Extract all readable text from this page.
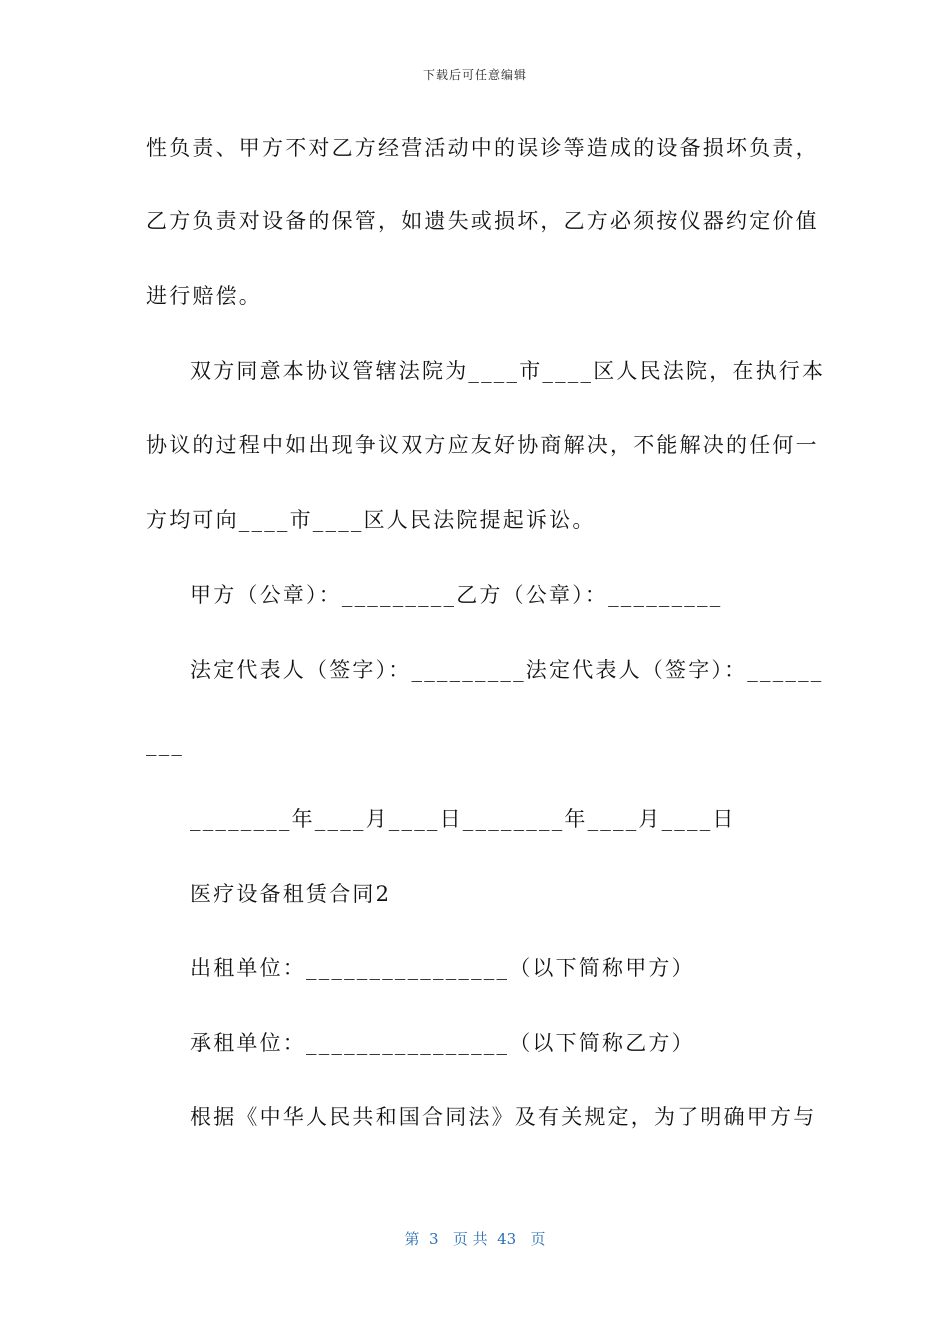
下载后可任意编辑
性负责、甲方不对乙方经营活动中的误诊等造成的设备损坏负责，
乙方负责对设备的保管，如遗失或损坏，乙方必须按仪器约定价值
进行赔偿。
双方同意本协议管辖法院为____市____区人民法院，在执行本
协议的过程中如出现争议双方应友好协商解决，不能解决的任何一
方均可向____市____区人民法院提起诉讼。
甲方（公章）：_________乙方（公章）：_________
法定代表人（签字）：_________法定代表人（签字）：______
___
________年____月____日________年____月____日
医疗设备租赁合同2
出租单位：________________（以下简称甲方）
承租单位：________________（以下简称乙方）
根据《中华人民共和国合同法》及有关规定，为了明确甲方与
第  3   页 共  43   页
